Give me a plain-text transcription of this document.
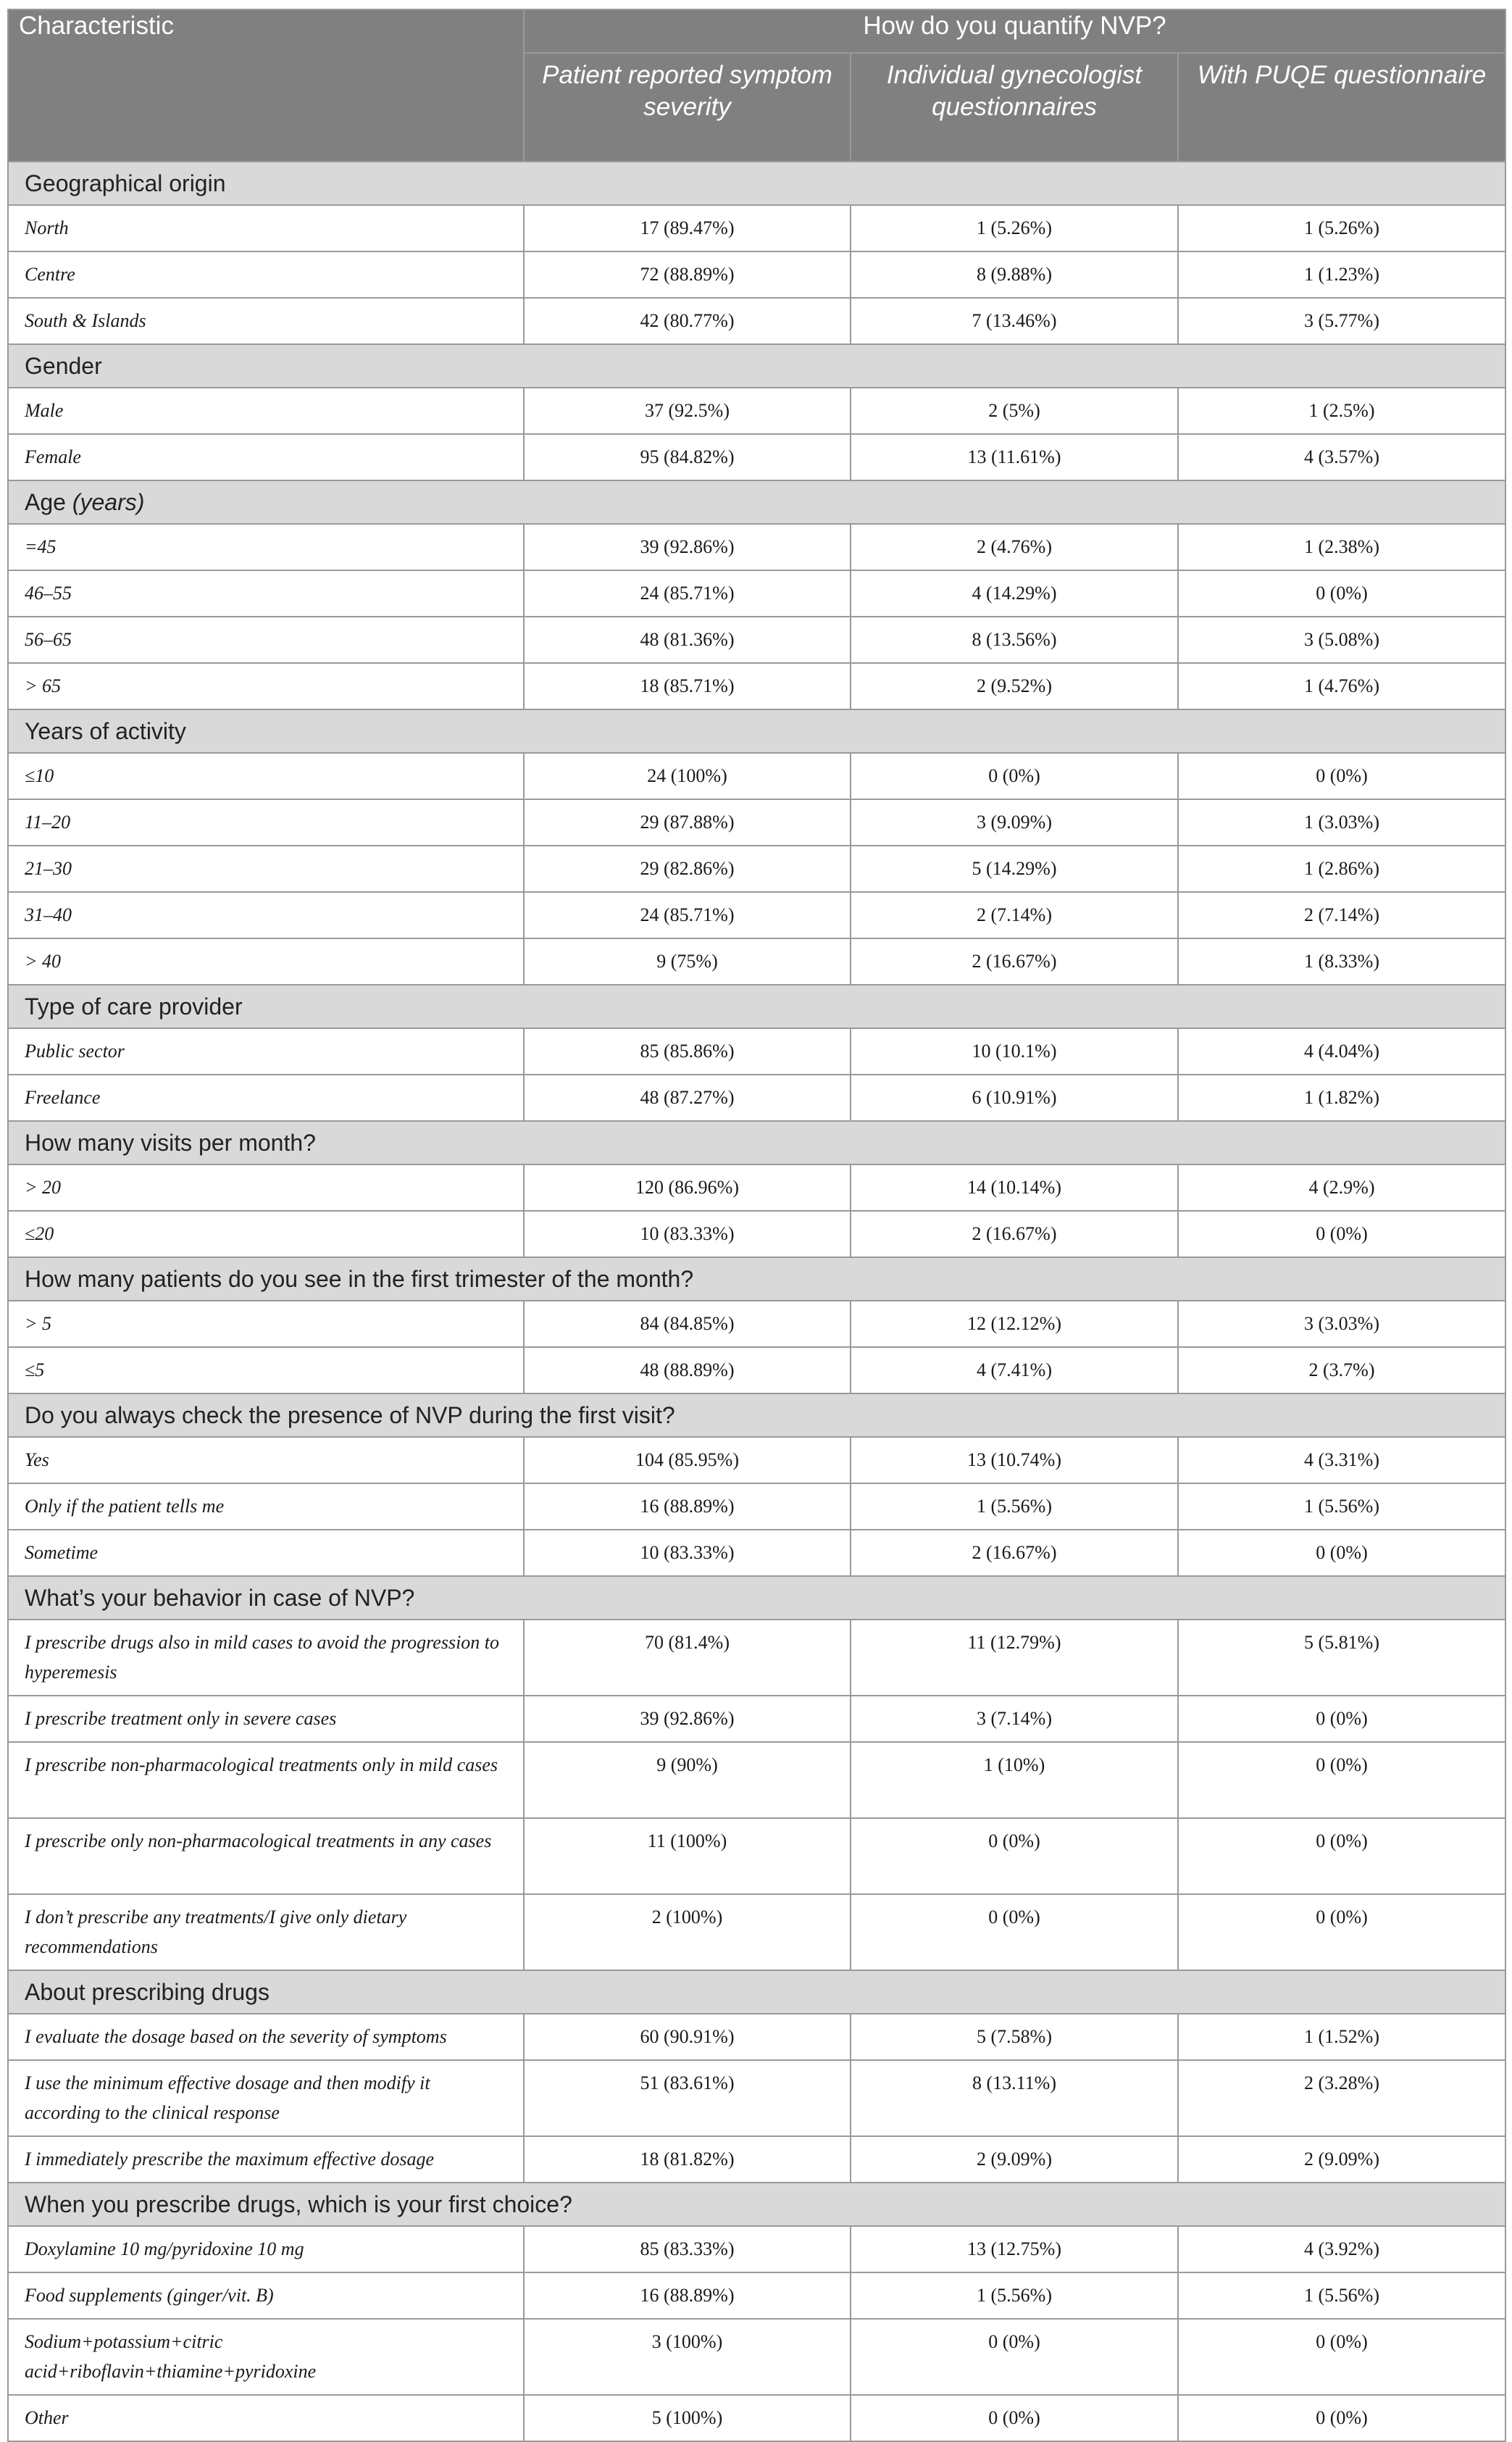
Characteristic	How do you quantify NVP?		
	Patient reported symptom severity	Individual gynecologist questionnaires	With PUQE questionnaire
Geographical origin			
North	17 (89.47%)	1 (5.26%)	1 (5.26%)
Centre	72 (88.89%)	8 (9.88%)	1 (1.23%)
South & Islands	42 (80.77%)	7 (13.46%)	3 (5.77%)
Gender			
Male	37 (92.5%)	2 (5%)	1 (2.5%)
Female	95 (84.82%)	13 (11.61%)	4 (3.57%)
Age (years)			
=45	39 (92.86%)	2 (4.76%)	1 (2.38%)
46–55	24 (85.71%)	4 (14.29%)	0 (0%)
56–65	48 (81.36%)	8 (13.56%)	3 (5.08%)
> 65	18 (85.71%)	2 (9.52%)	1 (4.76%)
Years of activity			
≤10	24 (100%)	0 (0%)	0 (0%)
11–20	29 (87.88%)	3 (9.09%)	1 (3.03%)
21–30	29 (82.86%)	5 (14.29%)	1 (2.86%)
31–40	24 (85.71%)	2 (7.14%)	2 (7.14%)
> 40	9 (75%)	2 (16.67%)	1 (8.33%)
Type of care provider			
Public sector	85 (85.86%)	10 (10.1%)	4 (4.04%)
Freelance	48 (87.27%)	6 (10.91%)	1 (1.82%)
How many visits per month?			
> 20	120 (86.96%)	14 (10.14%)	4 (2.9%)
≤20	10 (83.33%)	2 (16.67%)	0 (0%)
How many patients do you see in the first trimester of the month?			
> 5	84 (84.85%)	12 (12.12%)	3 (3.03%)
≤5	48 (88.89%)	4 (7.41%)	2 (3.7%)
Do you always check the presence of NVP during the first visit?			
Yes	104 (85.95%)	13 (10.74%)	4 (3.31%)
Only if the patient tells me	16 (88.89%)	1 (5.56%)	1 (5.56%)
Sometime	10 (83.33%)	2 (16.67%)	0 (0%)
What’s your behavior in case of NVP?			
I prescribe drugs also in mild cases to avoid the progression to hyperemesis	70 (81.4%)	11 (12.79%)	5 (5.81%)
I prescribe treatment only in severe cases	39 (92.86%)	3 (7.14%)	0 (0%)
I prescribe non-pharmacological treatments only in mild cases	9 (90%)	1 (10%)	0 (0%)
I prescribe only non-pharmacological treatments in any cases	11 (100%)	0 (0%)	0 (0%)
I don’t prescribe any treatments/I give only dietary recommendations	2 (100%)	0 (0%)	0 (0%)
About prescribing drugs			
I evaluate the dosage based on the severity of symptoms	60 (90.91%)	5 (7.58%)	1 (1.52%)
I use the minimum effective dosage and then modify it according to the clinical response	51 (83.61%)	8 (13.11%)	2 (3.28%)
I immediately prescribe the maximum effective dosage	18 (81.82%)	2 (9.09%)	2 (9.09%)
When you prescribe drugs, which is your first choice?			
Doxylamine 10 mg/pyridoxine 10 mg	85 (83.33%)	13 (12.75%)	4 (3.92%)
Food supplements (ginger/vit. B)	16 (88.89%)	1 (5.56%)	1 (5.56%)
Sodium+potassium+citric acid+riboflavin+thiamine+pyridoxine	3 (100%)	0 (0%)	0 (0%)
Other	5 (100%)	0 (0%)	0 (0%)
